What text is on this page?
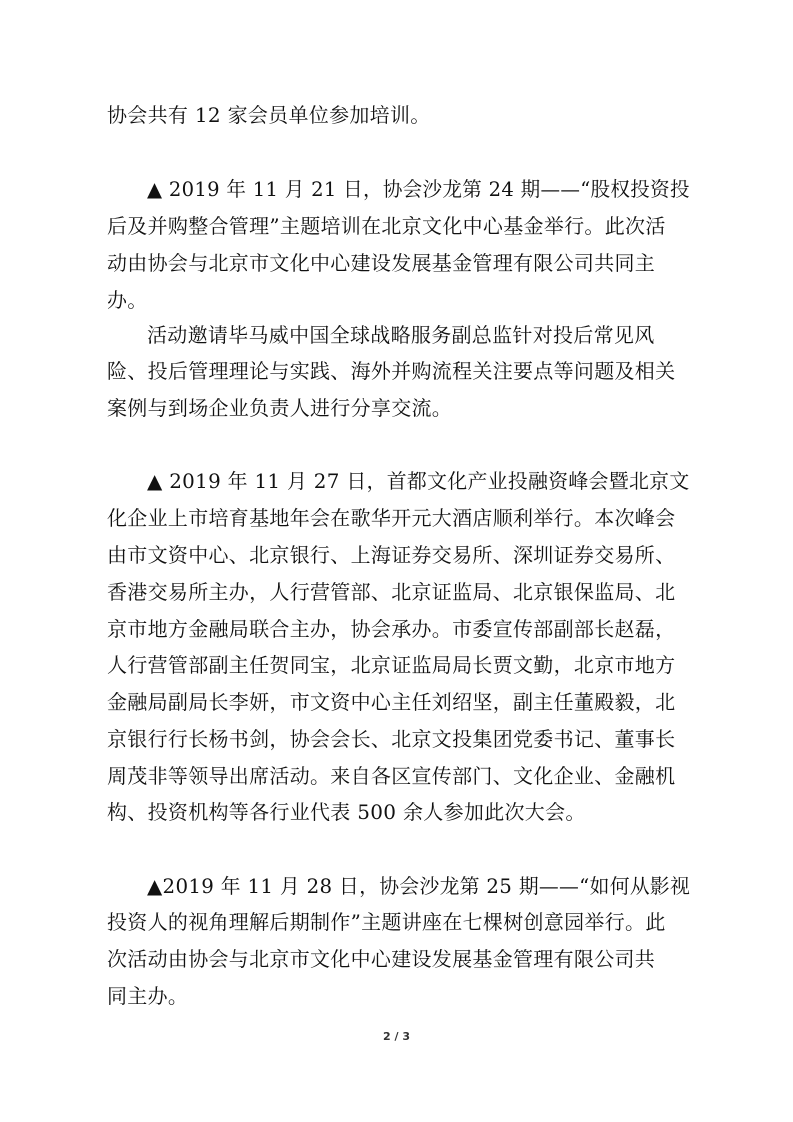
协会共有 12 家会员单位参加培训。
▲ 2019 年 11 月 21 日，协会沙龙第 24 期——“股权投资投
后及并购整合管理”主题培训在北京文化中心基金举行。此次活
动由协会与北京市文化中心建设发展基金管理有限公司共同主
办。
活动邀请毕马威中国全球战略服务副总监针对投后常见风
险、投后管理理论与实践、海外并购流程关注要点等问题及相关
案例与到场企业负责人进行分享交流。
▲ 2019 年 11 月 27 日，首都文化产业投融资峰会暨北京文
化企业上市培育基地年会在歌华开元大酒店顺利举行。本次峰会
由市文资中心、北京银行、上海证券交易所、深圳证券交易所、
香港交易所主办，人行营管部、北京证监局、北京银保监局、北
京市地方金融局联合主办，协会承办。市委宣传部副部长赵磊，
人行营管部副主任贺同宝，北京证监局局长贾文勤，北京市地方
金融局副局长李妍，市文资中心主任刘绍坚，副主任董殿毅，北
京银行行长杨书剑，协会会长、北京文投集团党委书记、董事长
周茂非等领导出席活动。来自各区宣传部门、文化企业、金融机
构、投资机构等各行业代表 500 余人参加此次大会。
▲2019 年 11 月 28 日，协会沙龙第 25 期——“如何从影视
投资人的视角理解后期制作”主题讲座在七棵树创意园举行。此
次活动由协会与北京市文化中心建设发展基金管理有限公司共
同主办。
2 / 3
